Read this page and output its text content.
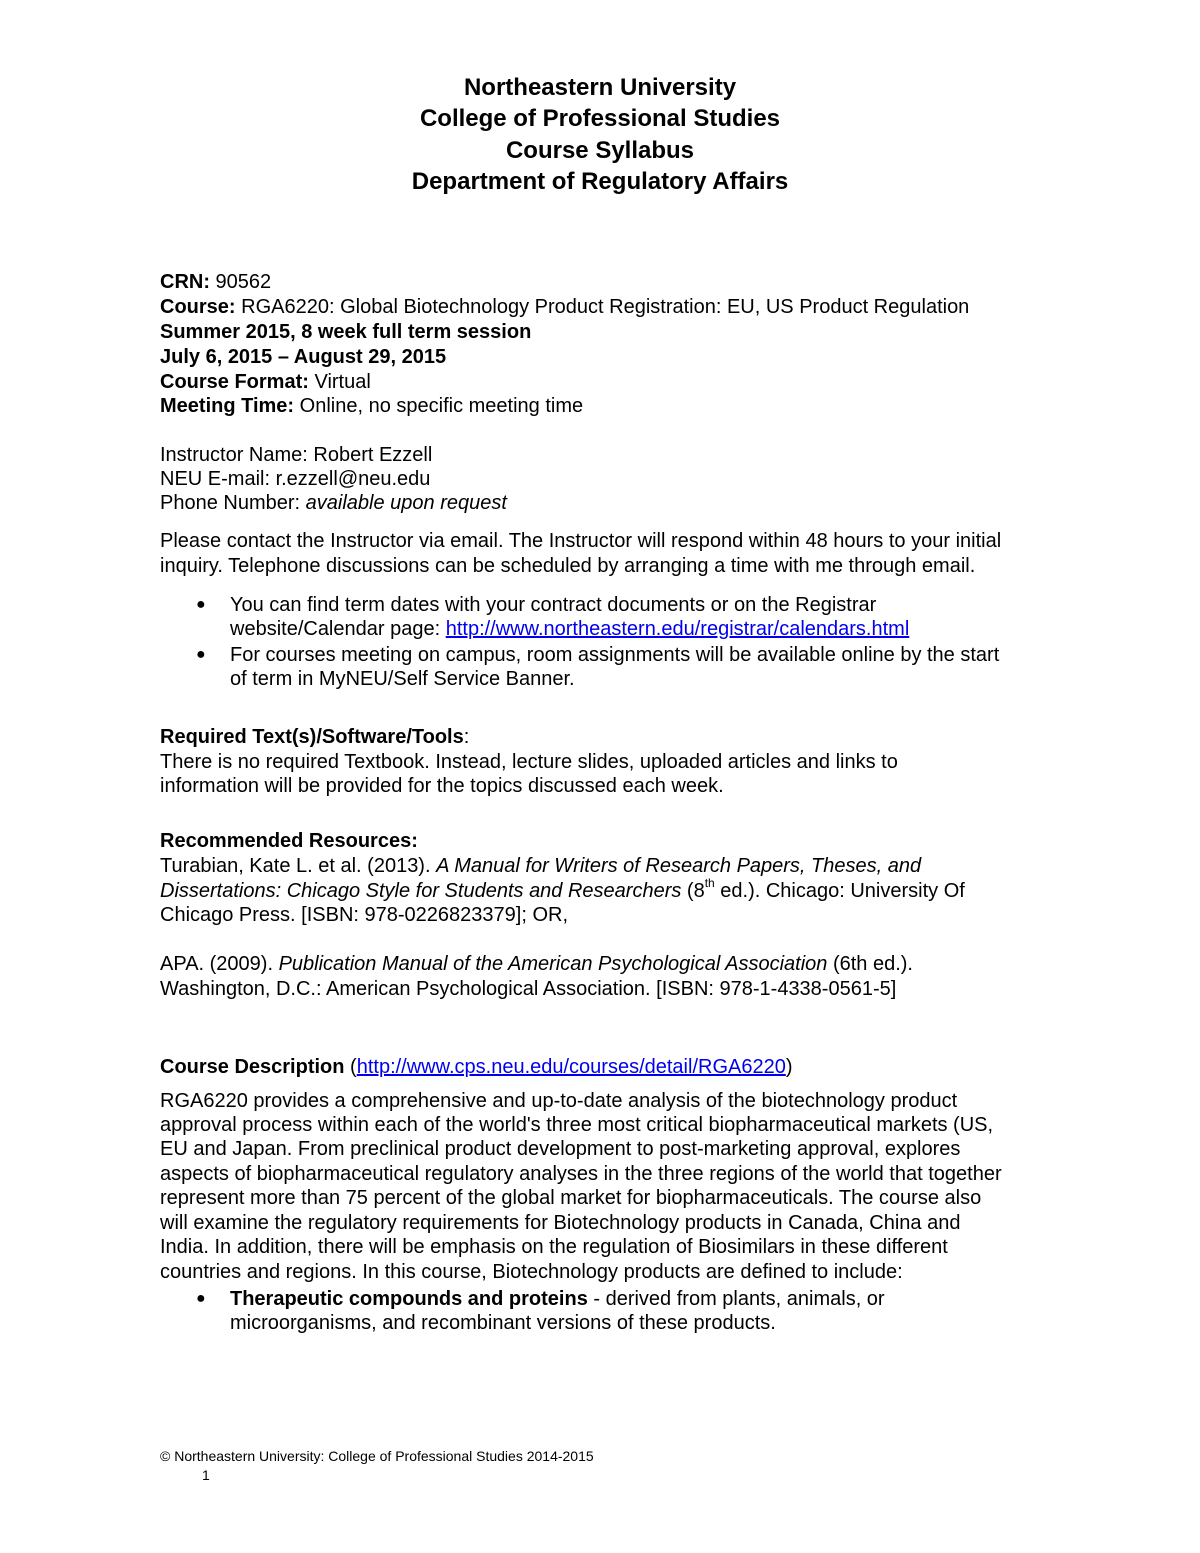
Northeastern University
College of Professional Studies
Course Syllabus
Department of Regulatory Affairs
CRN: 90562
Course: RGA6220: Global Biotechnology Product Registration: EU, US Product Regulation
Summer 2015, 8 week full term session
July 6, 2015 – August 29, 2015
Course Format: Virtual
Meeting Time: Online, no specific meeting time
Instructor Name: Robert Ezzell
NEU E-mail: r.ezzell@neu.edu
Phone Number: available upon request
Please contact the Instructor via email. The Instructor will respond within 48 hours to your initial
inquiry. Telephone discussions can be scheduled by arranging a time with me through email.
● You can find term dates with your contract documents or on the Registrar
website/Calendar page: http://www.northeastern.edu/registrar/calendars.html
● For courses meeting on campus, room assignments will be available online by the start
of term in MyNEU/Self Service Banner.
Required Text(s)/Software/Tools:
There is no required Textbook. Instead, lecture slides, uploaded articles and links to
information will be provided for the topics discussed each week.
Recommended Resources:
Turabian, Kate L. et al. (2013). A Manual for Writers of Research Papers, Theses, and
Dissertations: Chicago Style for Students and Researchers (8th ed.). Chicago: University Of
Chicago Press. [ISBN: 978-0226823379]; OR,
APA. (2009). Publication Manual of the American Psychological Association (6th ed.).
Washington, D.C.: American Psychological Association. [ISBN: 978-1-4338-0561-5]
Course Description (http://www.cps.neu.edu/courses/detail/RGA6220)
RGA6220 provides a comprehensive and up-to-date analysis of the biotechnology product
approval process within each of the world's three most critical biopharmaceutical markets (US,
EU and Japan. From preclinical product development to post-marketing approval, explores
aspects of biopharmaceutical regulatory analyses in the three regions of the world that together
represent more than 75 percent of the global market for biopharmaceuticals. The course also
will examine the regulatory requirements for Biotechnology products in Canada, China and
India. In addition, there will be emphasis on the regulation of Biosimilars in these different
countries and regions. In this course, Biotechnology products are defined to include:
● Therapeutic compounds and proteins - derived from plants, animals, or
microorganisms, and recombinant versions of these products.
© Northeastern University: College of Professional Studies 2014-2015
1
